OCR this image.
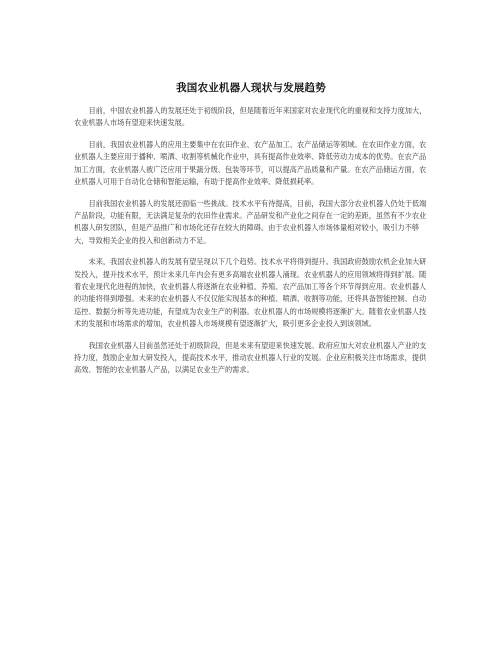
我国农业机器人现状与发展趋势

目前，中国农业机器人的发展还处于初级阶段，但是随着近年来国家对农业现代化的重视和支持力度加大，农业机器人市场有望迎来快速发展。

目前，我国农业机器人的应用主要集中在农田作业、农产品加工、农产品储运等领域。在农田作业方面，农业机器人主要应用于播种、喷洒、收割等机械化作业中，具有提高作业效率、降低劳动力成本的优势。在农产品加工方面，农业机器人被广泛应用于果蔬分级、包装等环节，可以提高产品质量和产量。在农产品储运方面，农业机器人可用于自动化仓储和智能运输，有助于提高作业效率、降低损耗率。

目前我国农业机器人的发展还面临一些挑战。技术水平有待提高，目前，我国大部分农业机器人仍处于低端产品阶段，功能有限，无法满足复杂的农田作业需求。产品研发和产业化之间存在一定的差距，虽然有不少农业机器人研发团队，但是产品推广和市场化还存在较大的障碍。由于农业机器人市场体量相对较小，吸引力不够大，导致相关企业的投入和创新动力不足。

未来，我国农业机器人的发展有望呈现以下几个趋势。技术水平将得到提升。我国政府鼓励农机企业加大研发投入，提升技术水平，预计未来几年内会有更多高端农业机器人涌现。农业机器人的应用领域将得到扩展。随着农业现代化进程的加快，农业机器人将逐渐在农业种植、养殖、农产品加工等各个环节得到应用。农业机器人的功能将得到增强。未来的农业机器人不仅仅能实现基本的种植、喷洒、收割等功能，还将具备智能控制、自动巡控、数据分析等先进功能，有望成为农业生产的利器。农业机器人的市场规模将逐渐扩大。随着农业机器人技术的发展和市场需求的增加，农业机器人市场规模有望逐渐扩大，吸引更多企业投入到该领域。

我国农业机器人目前虽然还处于初级阶段，但是未来有望迎来快速发展。政府应加大对农业机器人产业的支持力度，鼓励企业加大研发投入，提高技术水平，推动农业机器人行业的发展。企业应积极关注市场需求，提供高效、智能的农业机器人产品，以满足农业生产的需求。
